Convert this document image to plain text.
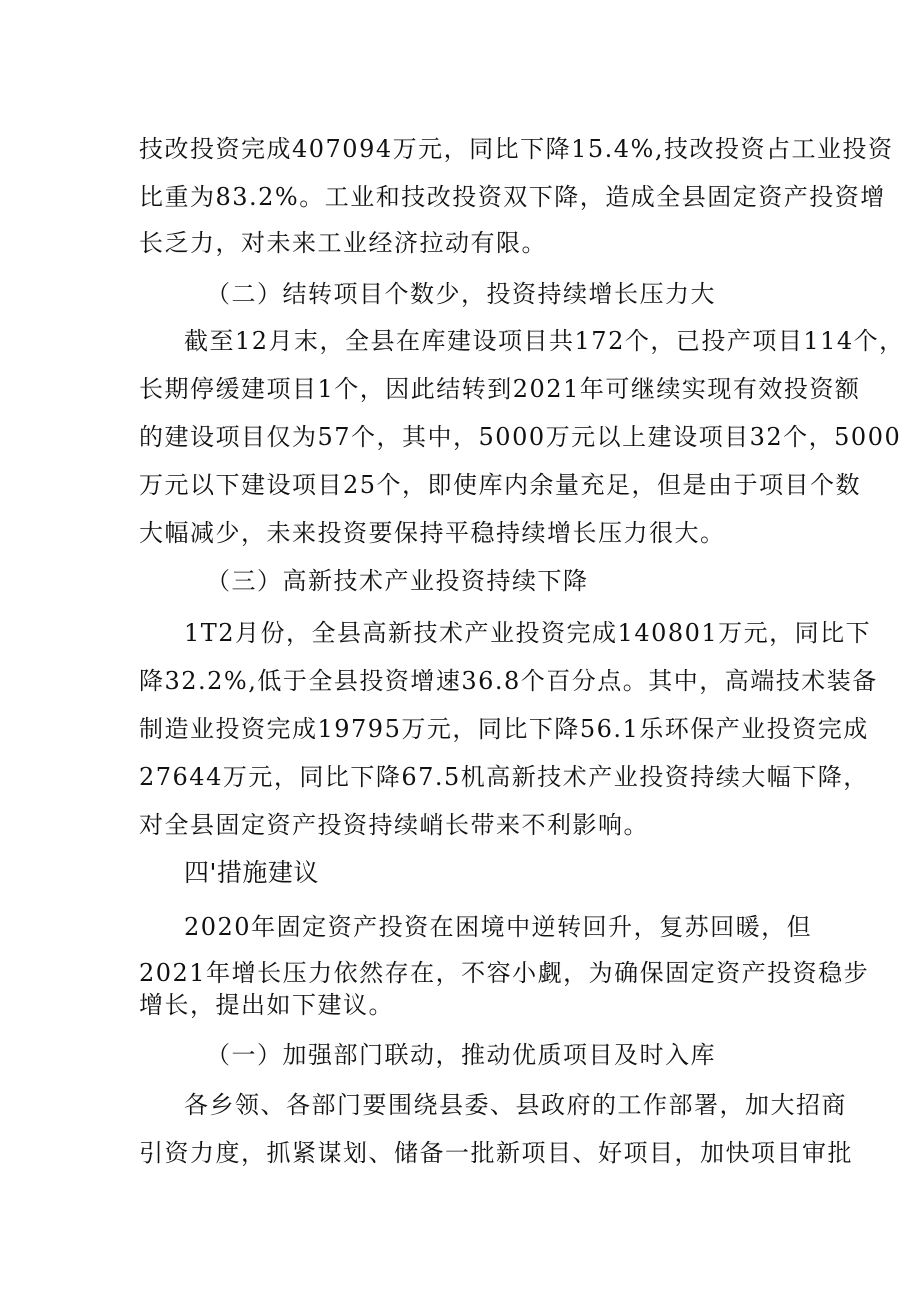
技改投资完成407094万元，同比下降15.4%,技改投资占工业投资
比重为83.2%。工业和技改投资双下降，造成全县固定资产投资增
长乏力，对未来工业经济拉动有限。
（二）结转项目个数少，投资持续增长压力大
截至12月末，全县在库建设项目共172个，已投产项目114个，
长期停缓建项目1个，因此结转到2021年可继续实现有效投资额
的建设项目仅为57个，其中，5000万元以上建设项目32个，5000
万元以下建设项目25个，即使库内余量充足，但是由于项目个数
大幅减少，未来投资要保持平稳持续增长压力很大。
（三）高新技术产业投资持续下降
1T2月份，全县高新技术产业投资完成140801万元，同比下
降32.2%,低于全县投资增速36.8个百分点。其中，高端技术装备
制造业投资完成19795万元，同比下降56.1乐环保产业投资完成
27644万元，同比下降67.5机高新技术产业投资持续大幅下降，
对全县固定资产投资持续峭长带来不利影响。
四'措施建议
2020年固定资产投资在困境中逆转回升，复苏回暖，但
2021年增长压力依然存在，不容小觑，为确保固定资产投资稳步
增长，提出如下建议。
（一）加强部门联动，推动优质项目及时入库
各乡领、各部门要围绕县委、县政府的工作部署，加大招商
引资力度，抓紧谋划、储备一批新项目、好项目，加快项目审批
